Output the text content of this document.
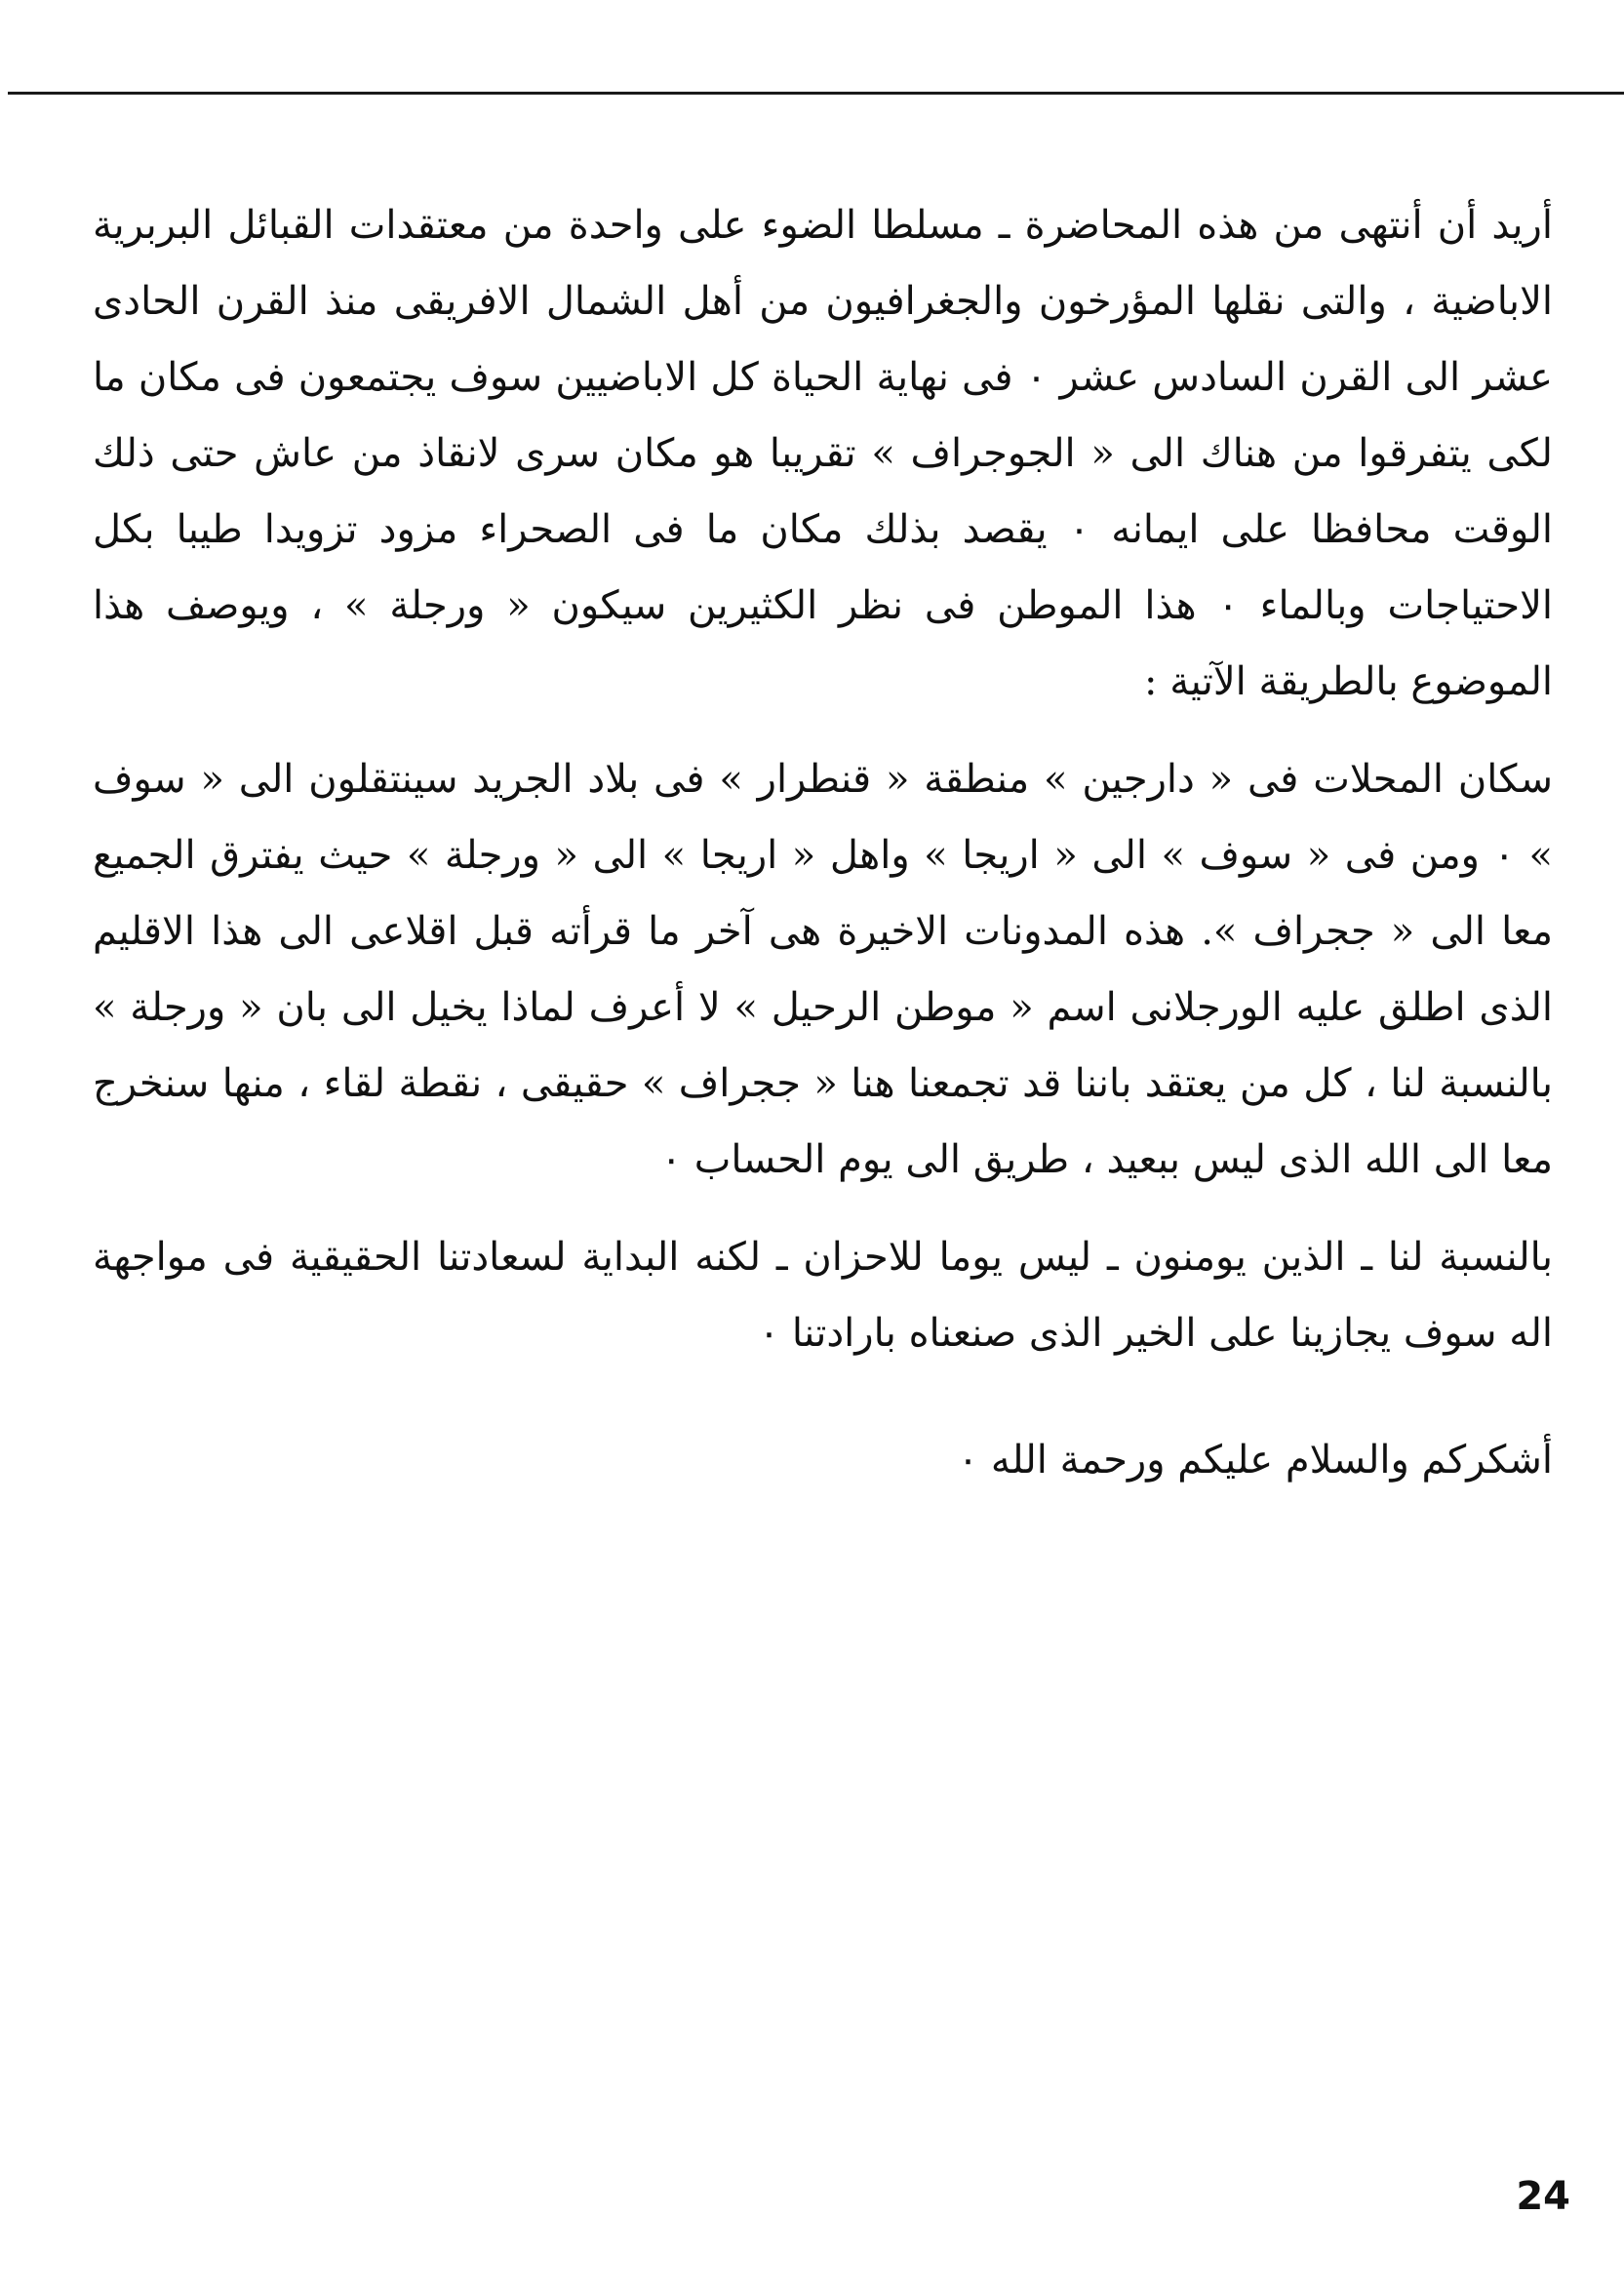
أريد أن أنتهى من هذه المحاضرة ـ مسلطا الضوء على واحدة من معتقدات القبائل البربرية الاباضية ، والتى نقلها المؤرخون والجغرافيون من أهل الشمال الافريقى منذ القرن الحادى عشر الى القرن السادس عشر ٠ فى نهاية الحياة كل الاباضيين سوف يجتمعون فى مكان ما لكى يتفرقوا من هناك الى « الجوجراف » تقريبا هو مكان سرى لانقاذ من عاش حتى ذلك الوقت محافظا على ايمانه ٠ يقصد بذلك مكان ما فى الصحراء مزود تزويدا طيبا بكل الاحتياجات وبالماء ٠ هذا الموطن فى نظر الكثيرين سيكون « ورجلة » ، ويوصف هذا الموضوع بالطريقة الآتية :

سكان المحلات فى « دارجين » منطقة « قنطرار » فى بلاد الجريد سينتقلون الى « سوف » ٠ ومن فى « سوف » الى « اريجا » واهل « اريجا » الى « ورجلة » حيث يفترق الجميع معا الى « ججراف ». هذه المدونات الاخيرة هى آخر ما قرأته قبل اقلاعى الى هذا الاقليم الذى اطلق عليه الورجلانى اسم « موطن الرحيل » لا أعرف لماذا يخيل الى بان « ورجلة » بالنسبة لنا ، كل من يعتقد باننا قد تجمعنا هنا « ججراف » حقيقى ، نقطة لقاء ، منها سنخرج معا الى الله الذى ليس ببعيد ، طريق الى يوم الحساب ٠

بالنسبة لنا ـ الذين يومنون ـ ليس يوما للاحزان ـ لكنه البداية لسعادتنا الحقيقية فى مواجهة اله سوف يجازينا على الخير الذى صنعناه بارادتنا ٠

أشكركم والسلام عليكم ورحمة الله ٠

24
